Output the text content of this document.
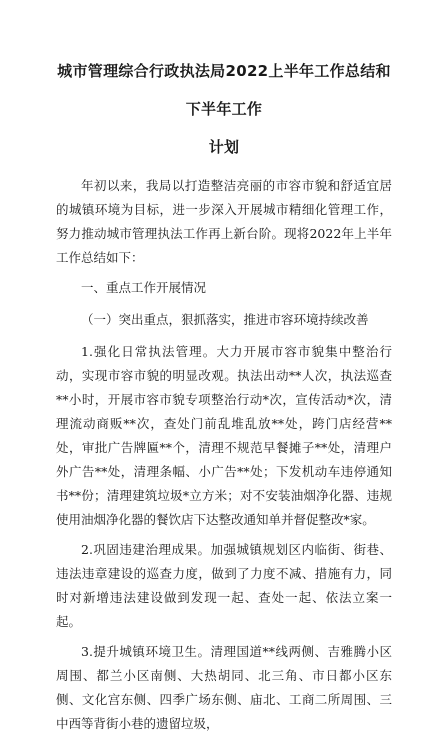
城市管理综合行政执法局2022上半年工作总结和下半年工作
计划

年初以来，我局以打造整洁亮丽的市容市貌和舒适宜居的城镇环境为目标，进一步深入开展城市精细化管理工作，努力推动城市管理执法工作再上新台阶。现将2022年上半年工作总结如下：

一、重点工作开展情况

（一）突出重点，狠抓落实，推进市容环境持续改善

1.强化日常执法管理。大力开展市容市貌集中整治行动，实现市容市貌的明显改观。执法出动**人次，执法巡查**小时，开展市容市貌专项整治行动*次，宣传活动*次，清理流动商贩**次，查处门前乱堆乱放**处，跨门店经营**处，审批广告牌匾**个，清理不规范早餐摊子**处，清理户外广告**处，清理条幅、小广告**处；下发机动车违停通知书**份；清理建筑垃圾*立方米；对不安装油烟净化器、违规使用油烟净化器的餐饮店下达整改通知单并督促整改*家。

2.巩固违建治理成果。加强城镇规划区内临街、街巷、违法违章建设的巡查力度，做到了力度不减、措施有力，同时对新增违法建设做到发现一起、查处一起、依法立案一起。

3.提升城镇环境卫生。清理国道**线两侧、吉雅腾小区周围、都兰小区南侧、大热胡同、北三角、市日都小区东侧、文化宫东侧、四季广场东侧、庙北、工商二所周围、三中西等背街小巷的遗留垃圾，
